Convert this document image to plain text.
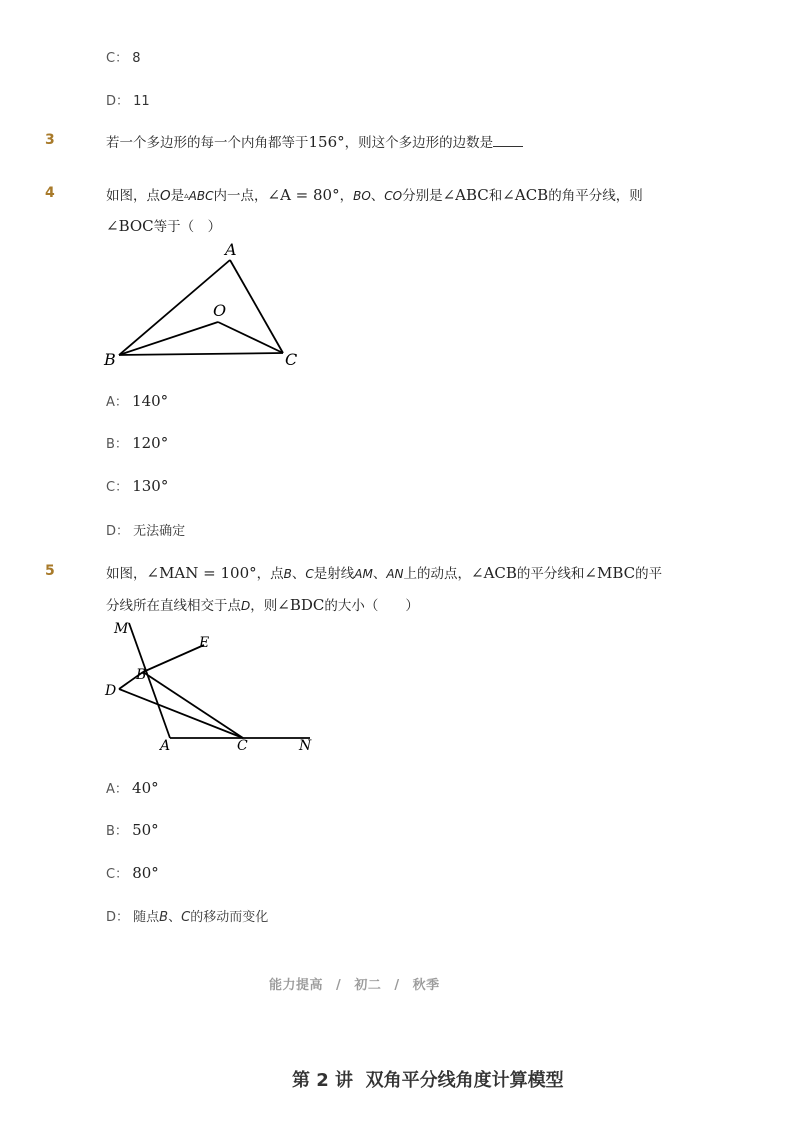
C： 8
D： 11
3	若一个多边形的每一个内角都等于156°，则这个多边形的边数是
4	如图，点O是▵ABC内一点，∠A = 80°，BO、CO分别是∠ABC和∠ACB的角平分线，则
∠BOC等于（　）
A
O
B	C
A： 140°
B： 120°
C： 130°
D： 无法确定
5	如图，∠MAN = 100°，点B、C是射线AM、AN上的动点，∠ACB的平分线和∠MBC的平
分线所在直线相交于点D，则∠BDC的大小（　　）
M
E
B
D
A	C	N
A： 40°
B： 50°
C： 80°
D： 随点B、C的移动而变化
能力提高 / 初二 / 秋季
第 2 讲  双角平分线角度计算模型
